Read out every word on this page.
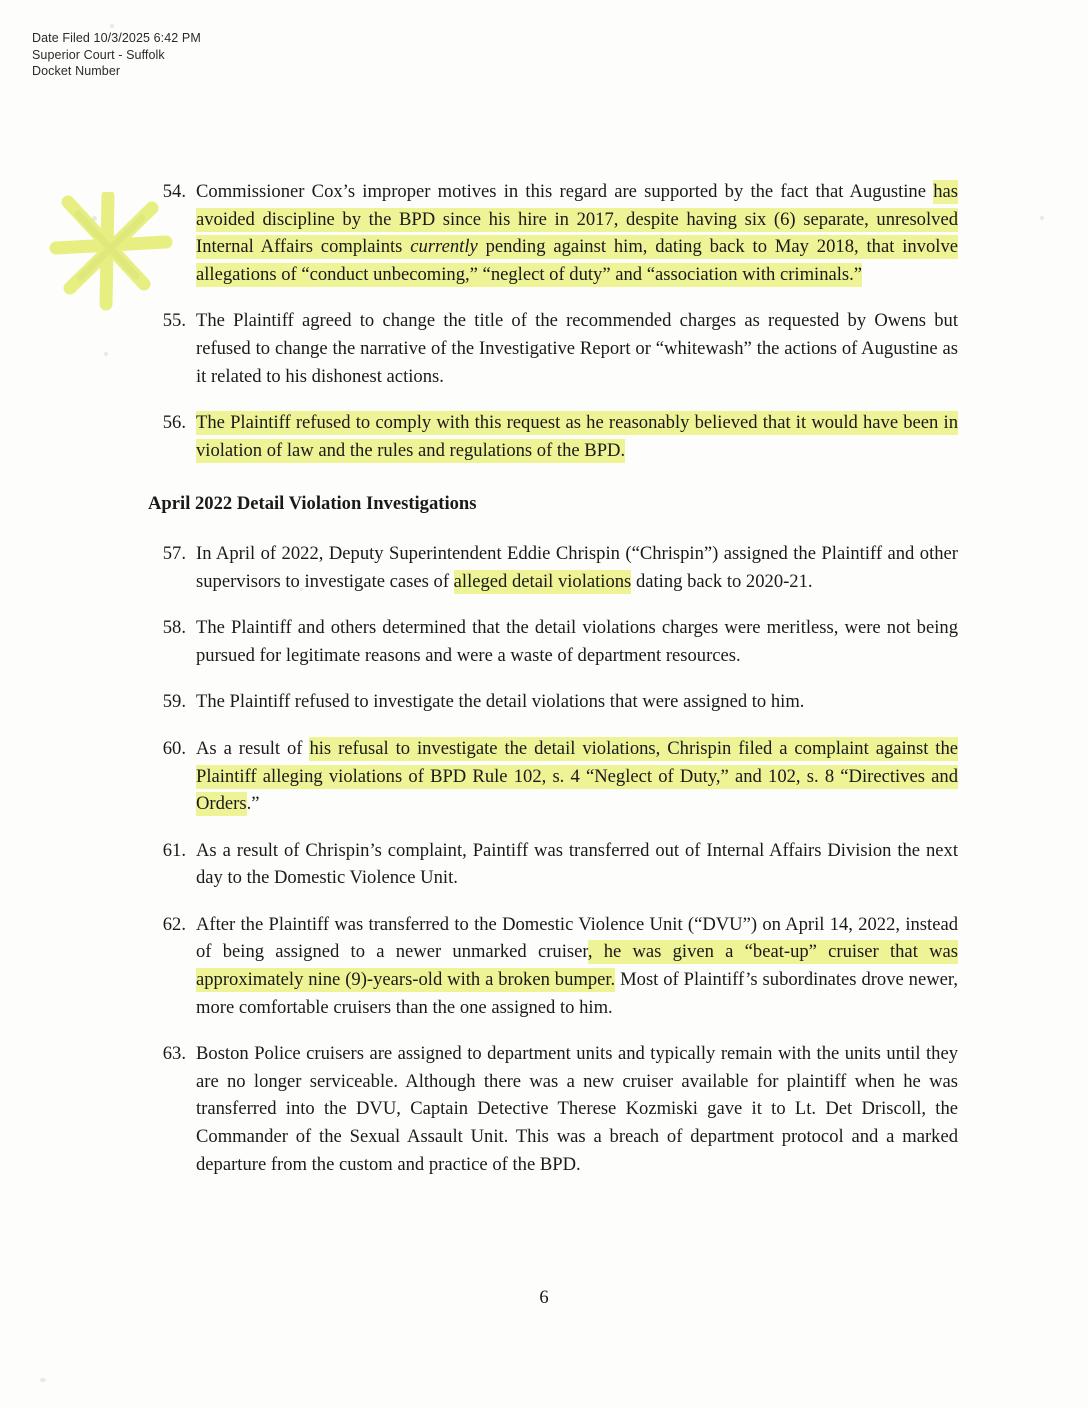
Date Filed 10/3/2025 6:42 PM
Superior Court - Suffolk
Docket Number
54. Commissioner Cox’s improper motives in this regard are supported by the fact that Augustine has avoided discipline by the BPD since his hire in 2017, despite having six (6) separate, unresolved Internal Affairs complaints currently pending against him, dating back to May 2018, that involve allegations of “conduct unbecoming,” “neglect of duty” and “association with criminals.”
55. The Plaintiff agreed to change the title of the recommended charges as requested by Owens but refused to change the narrative of the Investigative Report or “whitewash” the actions of Augustine as it related to his dishonest actions.
56. The Plaintiff refused to comply with this request as he reasonably believed that it would have been in violation of law and the rules and regulations of the BPD.
April 2022 Detail Violation Investigations
57. In April of 2022, Deputy Superintendent Eddie Chrispin (“Chrispin”) assigned the Plaintiff and other supervisors to investigate cases of alleged detail violations dating back to 2020-21.
58. The Plaintiff and others determined that the detail violations charges were meritless, were not being pursued for legitimate reasons and were a waste of department resources.
59. The Plaintiff refused to investigate the detail violations that were assigned to him.
60. As a result of his refusal to investigate the detail violations, Chrispin filed a complaint against the Plaintiff alleging violations of BPD Rule 102, s. 4 “Neglect of Duty,” and 102, s. 8 “Directives and Orders.”
61. As a result of Chrispin’s complaint, Paintiff was transferred out of Internal Affairs Division the next day to the Domestic Violence Unit.
62. After the Plaintiff was transferred to the Domestic Violence Unit (“DVU”) on April 14, 2022, instead of being assigned to a newer unmarked cruiser, he was given a “beat-up” cruiser that was approximately nine (9)-years-old with a broken bumper. Most of Plaintiff’s subordinates drove newer, more comfortable cruisers than the one assigned to him.
63. Boston Police cruisers are assigned to department units and typically remain with the units until they are no longer serviceable. Although there was a new cruiser available for plaintiff when he was transferred into the DVU, Captain Detective Therese Kozmiski gave it to Lt. Det Driscoll, the Commander of the Sexual Assault Unit. This was a breach of department protocol and a marked departure from the custom and practice of the BPD.
6
